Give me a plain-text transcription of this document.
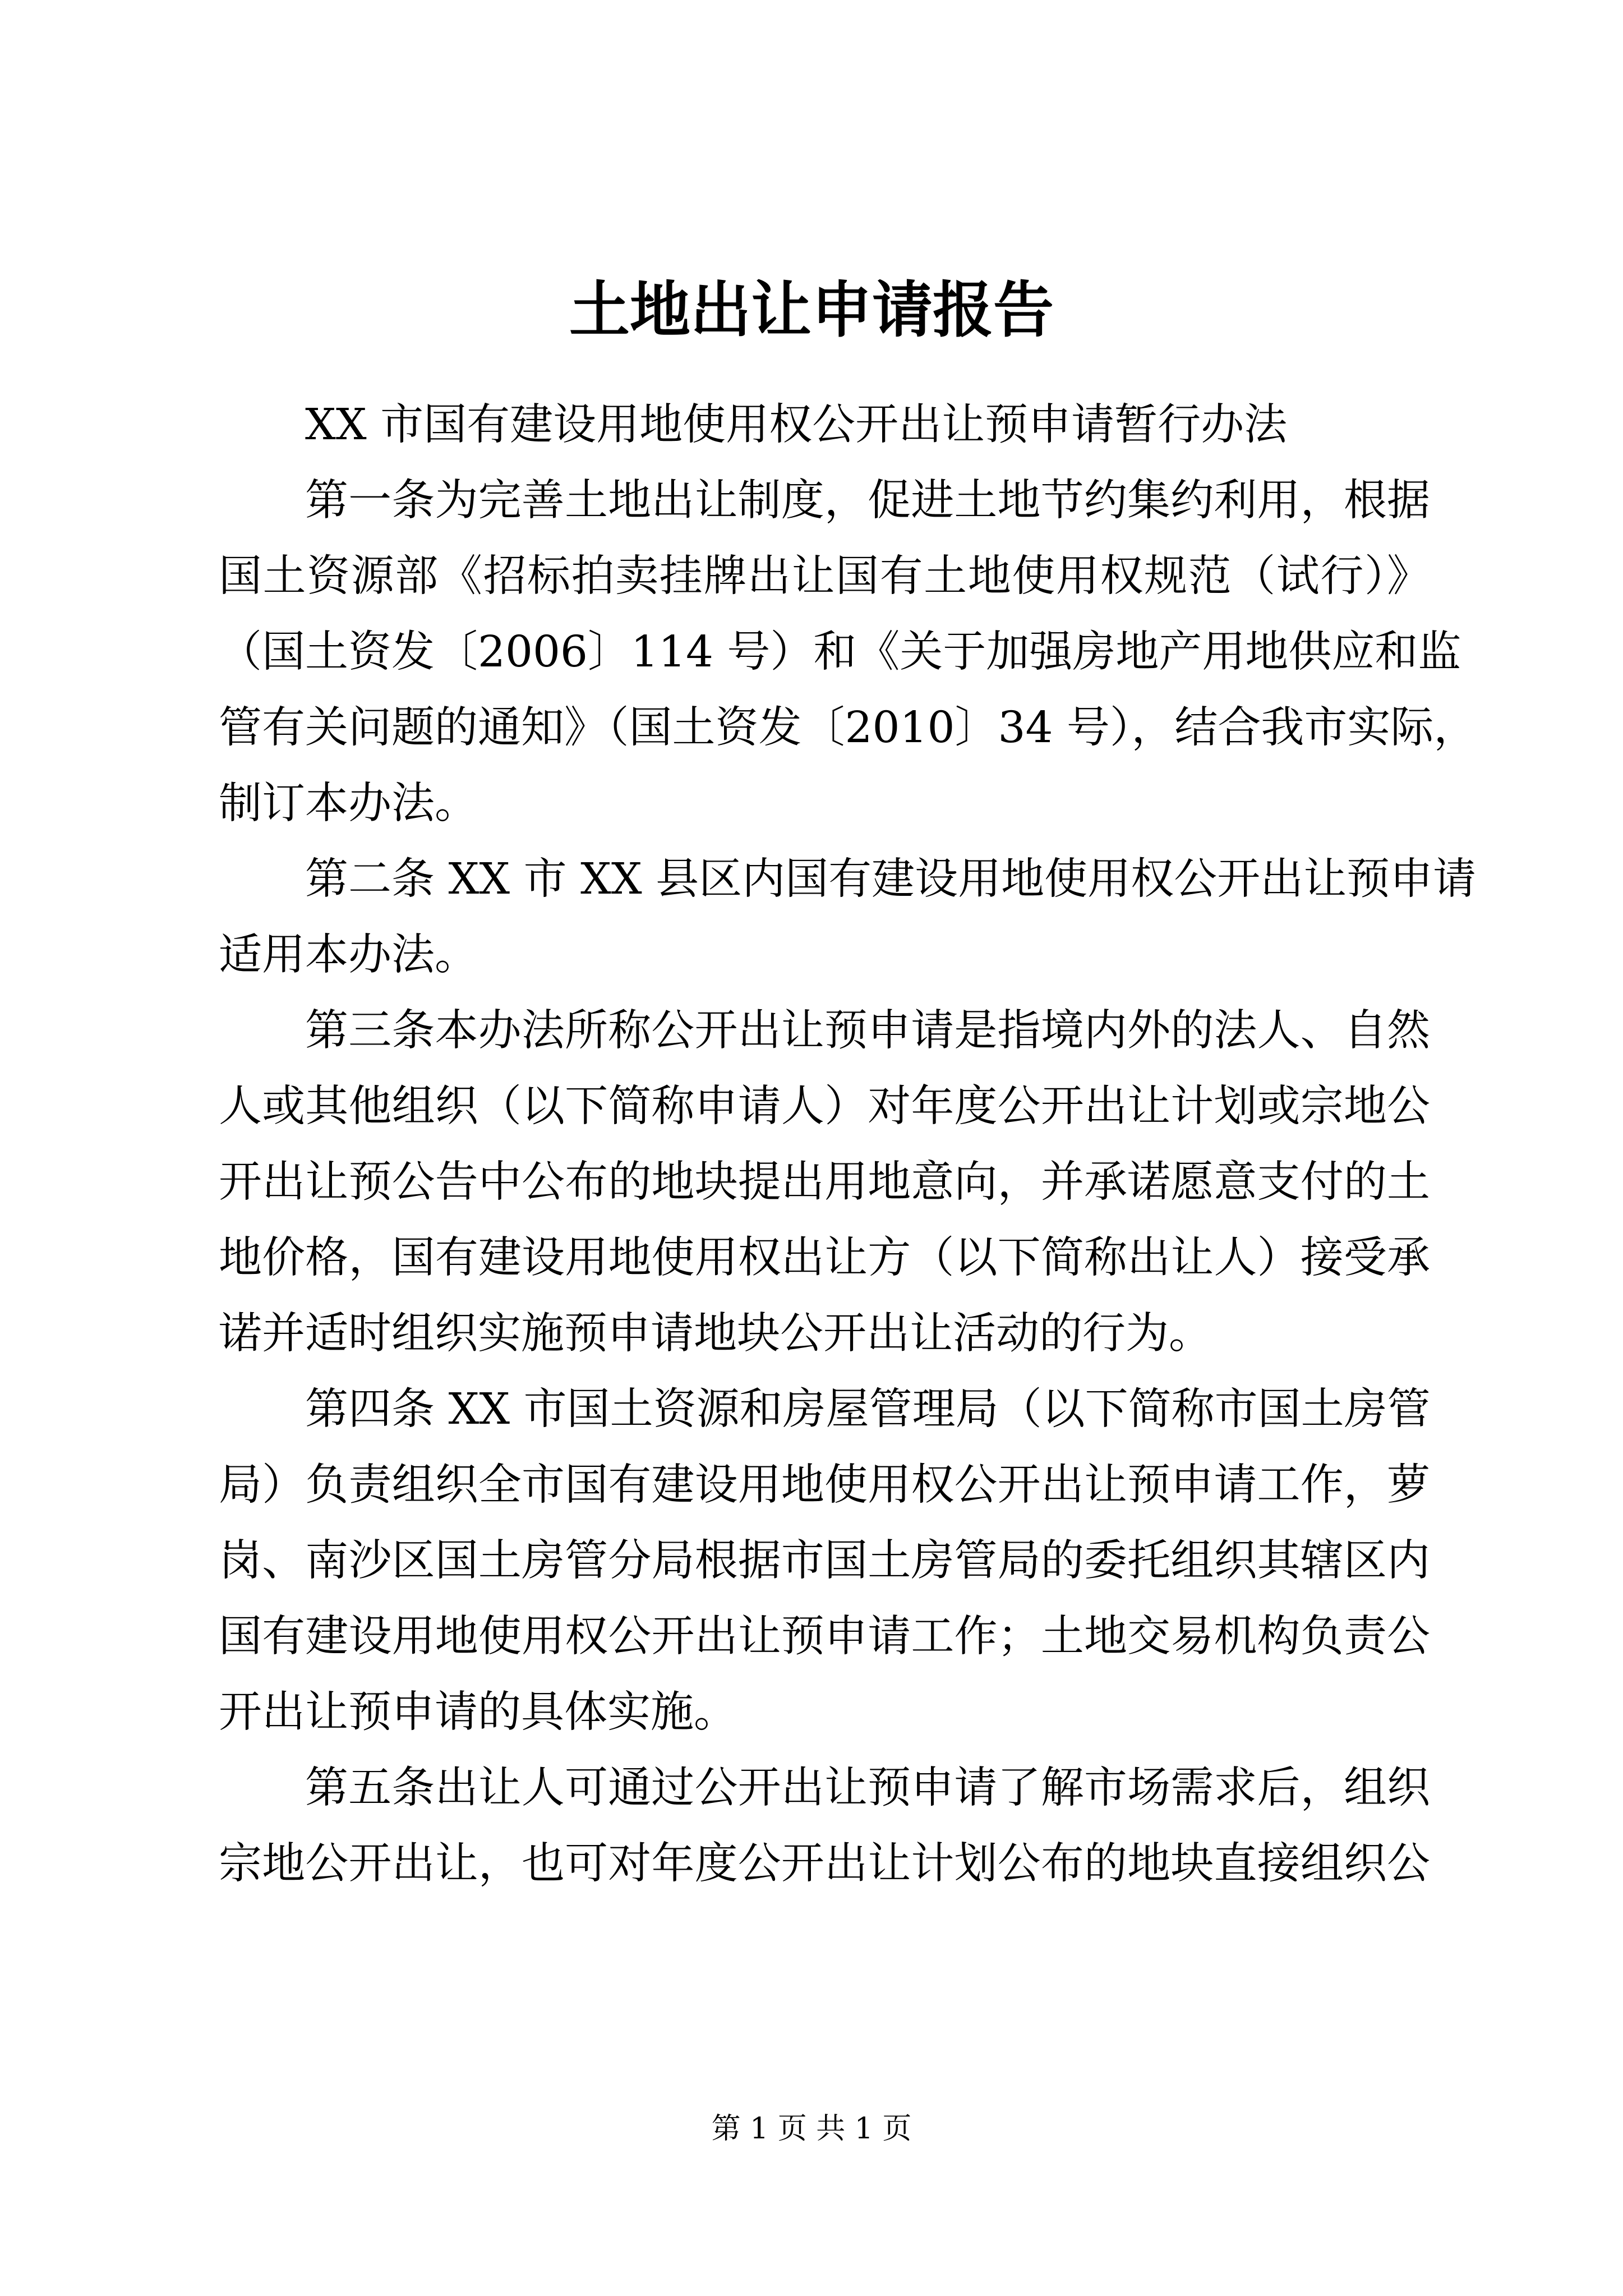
土地出让申请报告
XX 市国有建设用地使用权公开出让预申请暂行办法
第一条为完善土地出让制度，促进土地节约集约利用，根据
国土资源部《招标拍卖挂牌出让国有土地使用权规范（试行）》
（国土资发〔2006〕114 号）和《关于加强房地产用地供应和监
管有关问题的通知》（国土资发〔2010〕34 号），结合我市实际，
制订本办法。
第二条 XX 市 XX 县区内国有建设用地使用权公开出让预申请
适用本办法。
第三条本办法所称公开出让预申请是指境内外的法人、自然
人或其他组织（以下简称申请人）对年度公开出让计划或宗地公
开出让预公告中公布的地块提出用地意向，并承诺愿意支付的土
地价格，国有建设用地使用权出让方（以下简称出让人）接受承
诺并适时组织实施预申请地块公开出让活动的行为。
第四条 XX 市国土资源和房屋管理局（以下简称市国土房管
局）负责组织全市国有建设用地使用权公开出让预申请工作，萝
岗、南沙区国土房管分局根据市国土房管局的委托组织其辖区内
国有建设用地使用权公开出让预申请工作；土地交易机构负责公
开出让预申请的具体实施。
第五条出让人可通过公开出让预申请了解市场需求后，组织
宗地公开出让，也可对年度公开出让计划公布的地块直接组织公
第 1 页 共 1 页
